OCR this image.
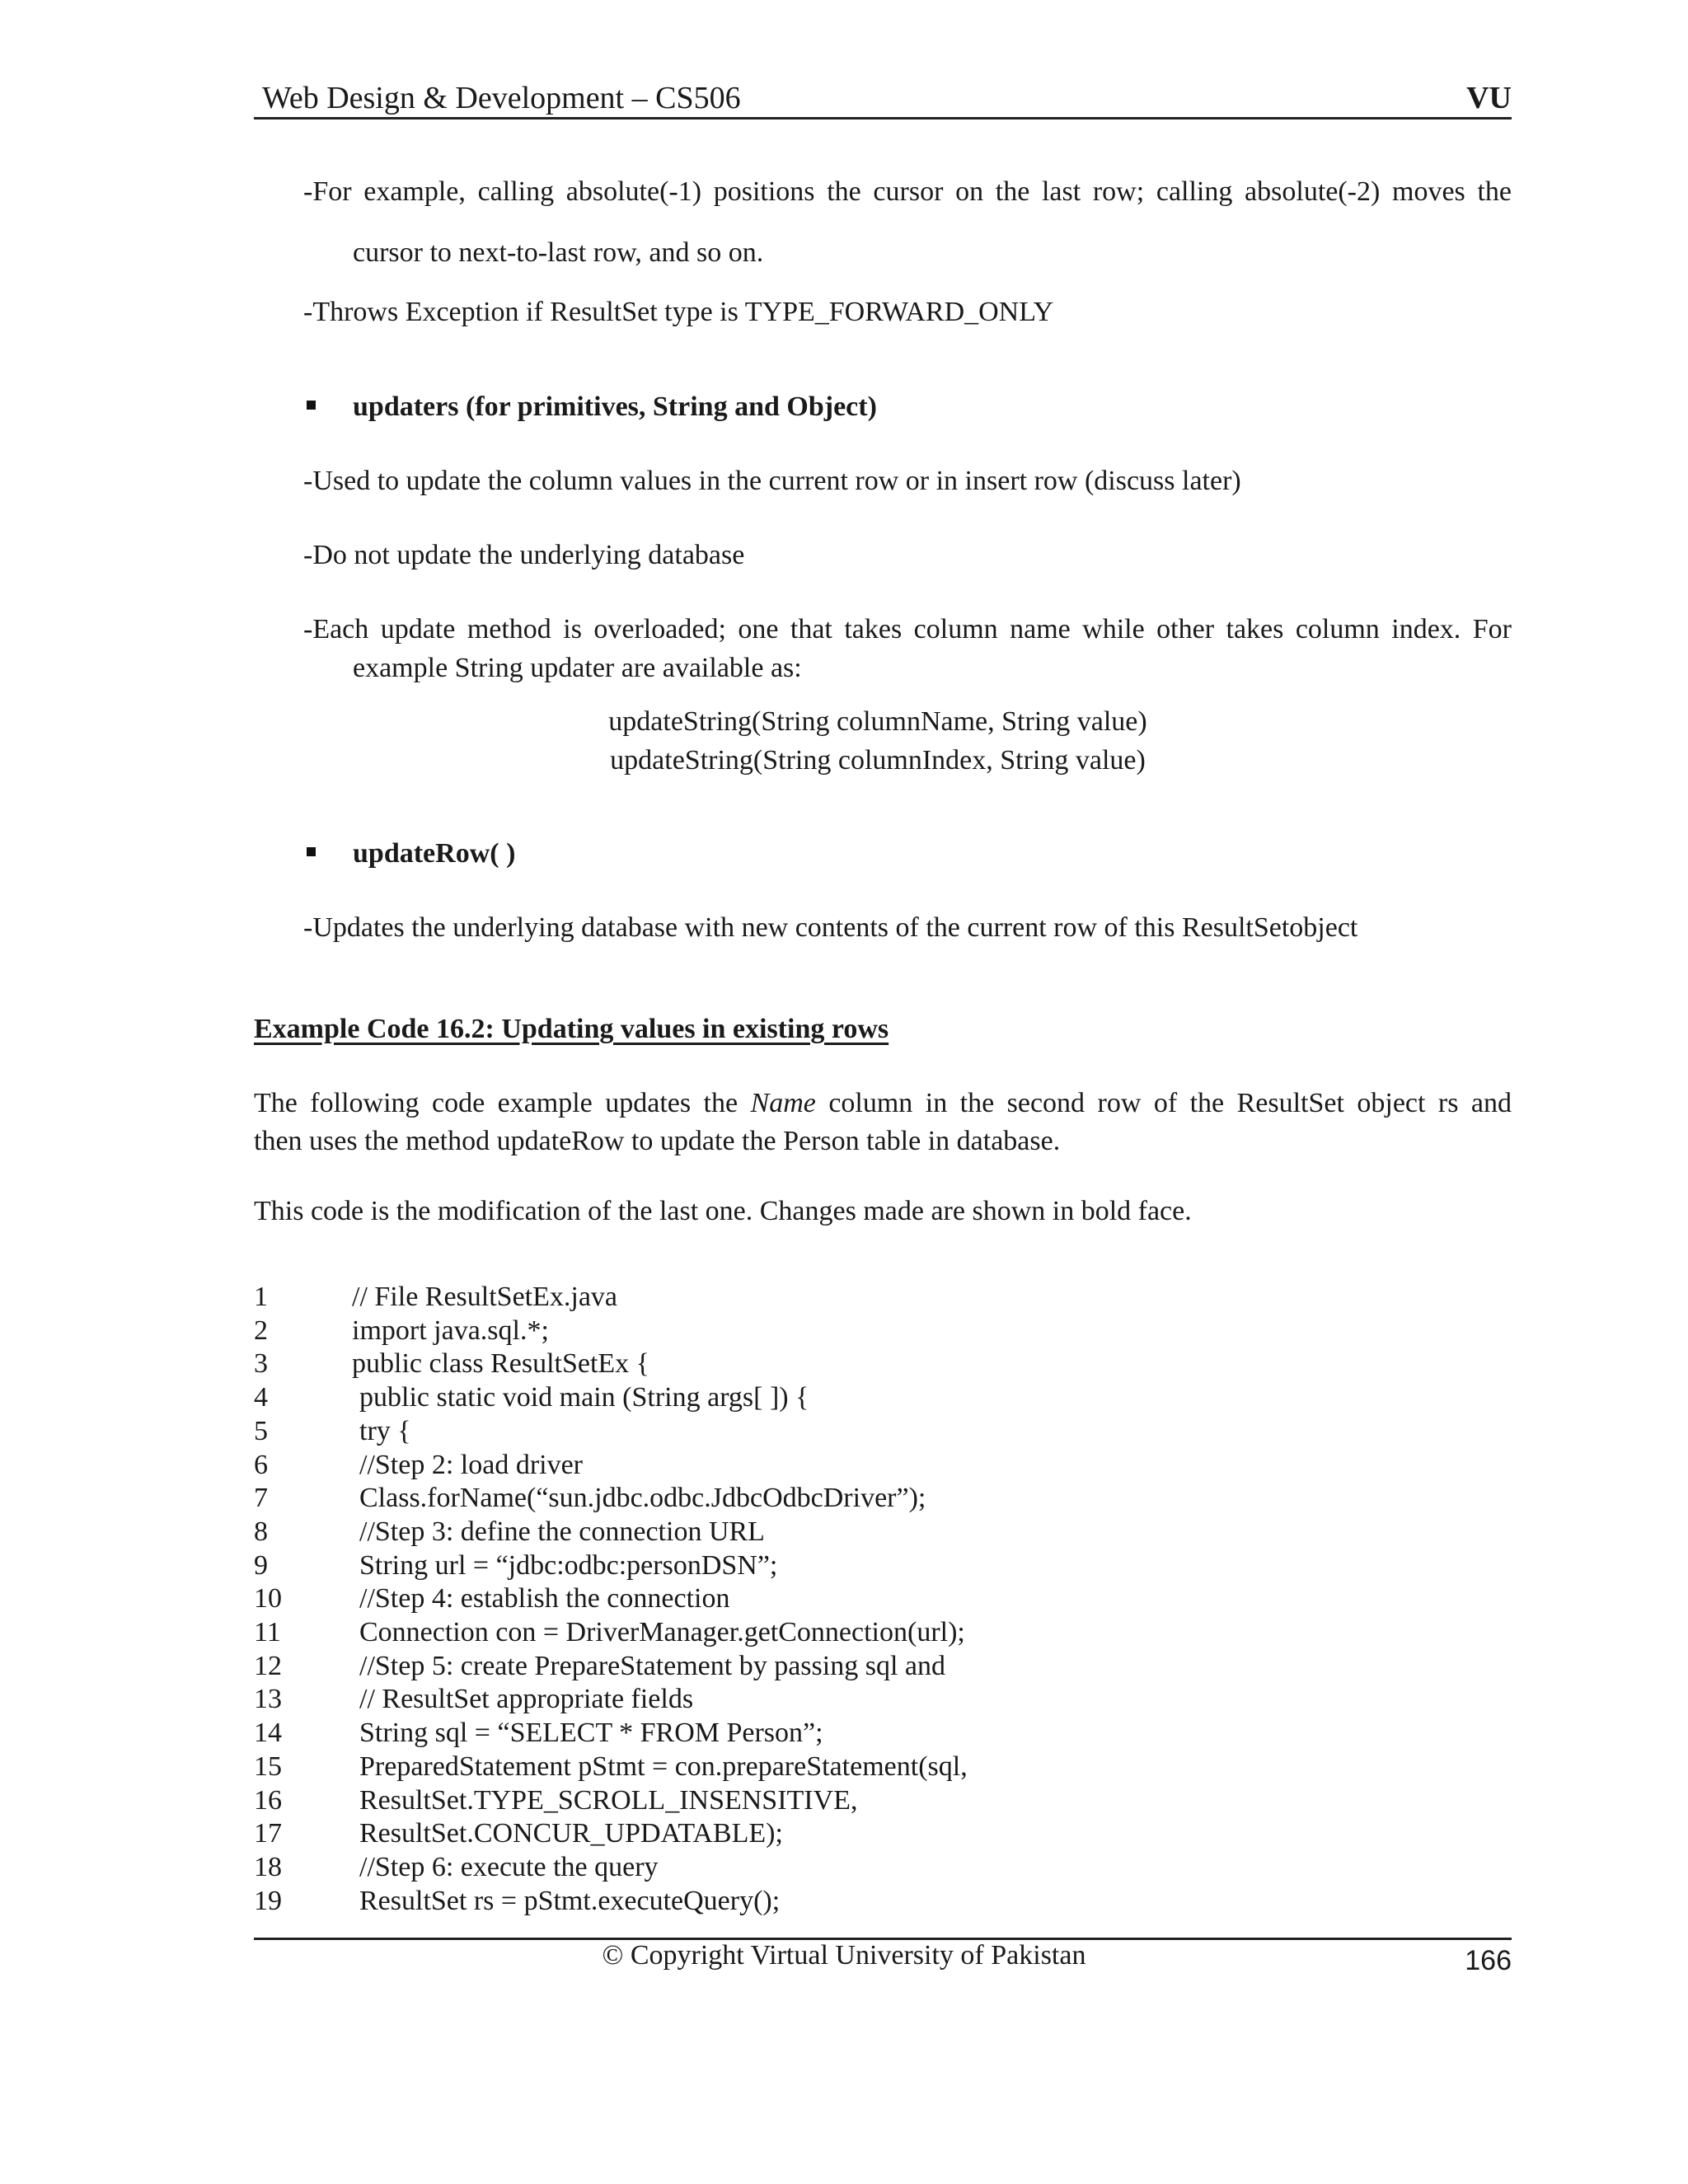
Web Design & Development – CS506	VU
-For example, calling absolute(-1) positions the cursor on the last row; calling absolute(-2) moves the
cursor to next-to-last row, and so on.
-Throws Exception if ResultSet type is TYPE_FORWARD_ONLY
updaters (for primitives, String and Object)
-Used to update the column values in the current row or in insert row (discuss later)
-Do not update the underlying database
-Each update method is overloaded; one that takes column name while other takes column index. For
example String updater are available as:
updateString(String columnName, String value)
updateString(String columnIndex, String value)
updateRow( )
-Updates the underlying database with new contents of the current row of this ResultSetobject
Example Code 16.2: Updating values in existing rows
The following code example updates the Name column in the second row of the ResultSet object rs and
then uses the method updateRow to update the Person table in database.
This code is the modification of the last one. Changes made are shown in bold face.
1	// File ResultSetEx.java
2	import java.sql.*;
3	public class ResultSetEx {
4	public static void main (String args[ ]) {
5	try {
6	//Step 2: load driver
7	Class.forName(“sun.jdbc.odbc.JdbcOdbcDriver”);
8	//Step 3: define the connection URL
9	String url = “jdbc:odbc:personDSN”;
10	//Step 4: establish the connection
11	Connection con = DriverManager.getConnection(url);
12	//Step 5: create PrepareStatement by passing sql and
13	// ResultSet appropriate fields
14	String sql = “SELECT * FROM Person”;
15	PreparedStatement pStmt = con.prepareStatement(sql,
16	ResultSet.TYPE_SCROLL_INSENSITIVE,
17	ResultSet.CONCUR_UPDATABLE);
18	//Step 6: execute the query
19	ResultSet rs = pStmt.executeQuery();
© Copyright Virtual University of Pakistan	166
